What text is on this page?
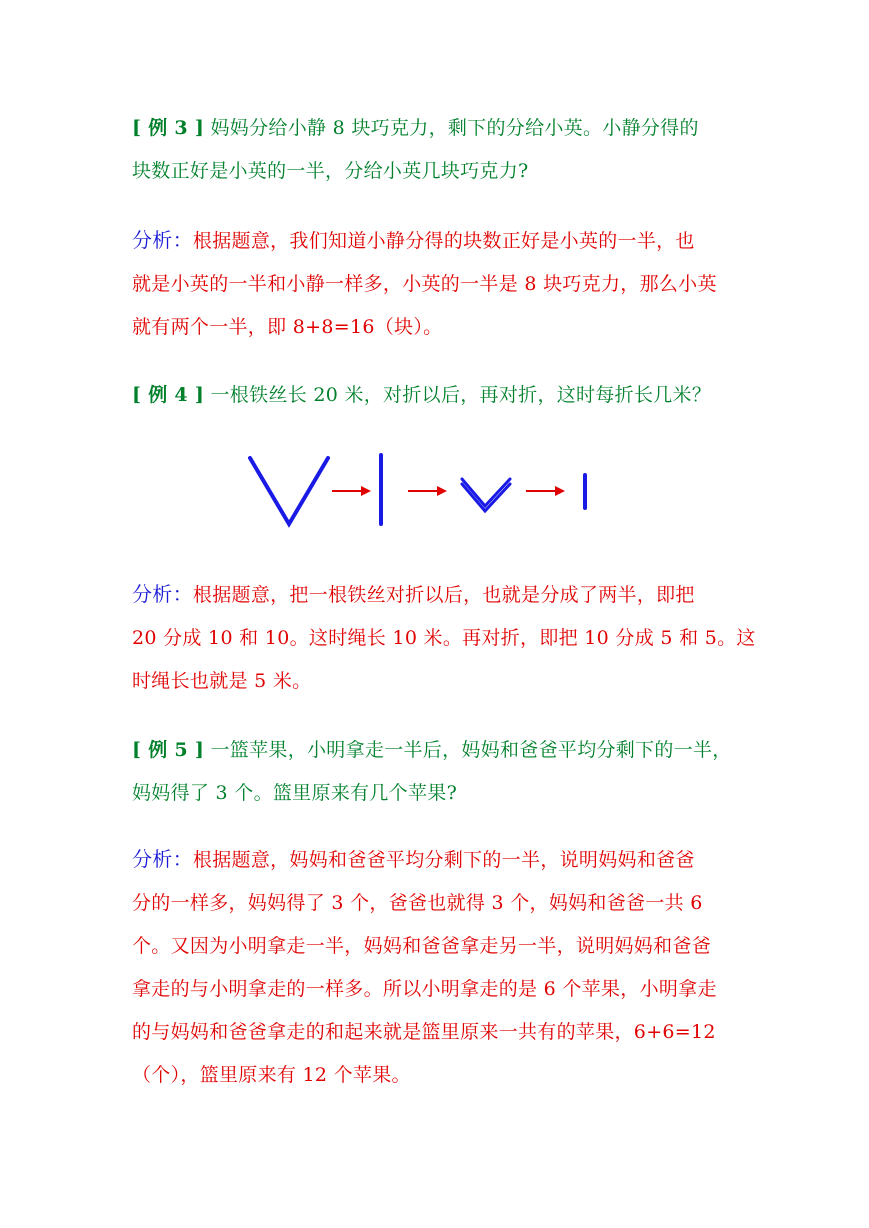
[ 例 3 ] 妈妈分给小静 8 块巧克力，剩下的分给小英。小静分得的
块数正好是小英的一半，分给小英几块巧克力?
分析：根据题意，我们知道小静分得的块数正好是小英的一半，也
就是小英的一半和小静一样多，小英的一半是 8 块巧克力，那么小英
就有两个一半，即 8+8=16（块）。
[ 例 4 ] 一根铁丝长 20 米，对折以后，再对折，这时每折长几米？
分析：根据题意，把一根铁丝对折以后，也就是分成了两半，即把
20 分成 10 和 10。这时绳长 10 米。再对折，即把 10 分成 5 和 5。这
时绳长也就是 5 米。
[ 例 5 ] 一篮苹果，小明拿走一半后，妈妈和爸爸平均分剩下的一半，
妈妈得了 3 个。篮里原来有几个苹果?
分析：根据题意，妈妈和爸爸平均分剩下的一半，说明妈妈和爸爸
分的一样多，妈妈得了 3 个，爸爸也就得 3 个，妈妈和爸爸一共 6
个。又因为小明拿走一半，妈妈和爸爸拿走另一半，说明妈妈和爸爸
拿走的与小明拿走的一样多。所以小明拿走的是 6 个苹果，小明拿走
的与妈妈和爸爸拿走的和起来就是篮里原来一共有的苹果，6+6=12
（个），篮里原来有 12 个苹果。
